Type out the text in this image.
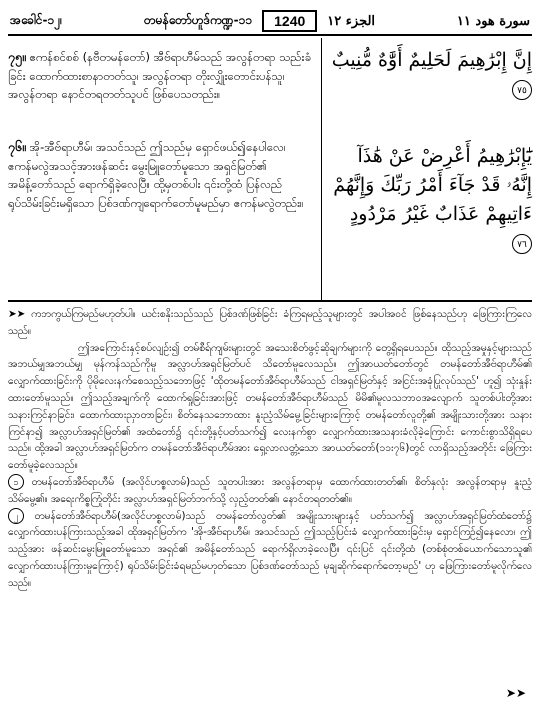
အခေါင်-၁၂၊	တမန်တော်ဟူဒ်ကဏ္ဍ-၁၁	1240	الجزء ١٢	سورة هود ١١

၇၅။ ဧကန်စင်စစ် (နဗီတမန်တော်) အီဗ်ရာဟီမ်သည် အလွန်တရာ သည်းခံခြင်း ထောက်ထားစာနာတတ်သူ၊ အလွန်တရာ တိုးလျှိုးတောင်းပန်သူ၊ အလွန်တရာ နောင်တရတတ်သူပင် ဖြစ်ပေသတည်း။

၇၆။ အို-အီဗ်ရာဟီမ်၊ အသင်သည် ဤသည်မှ ရှောင်ဖယ်၍နေပါလေ၊ ဧကန်မလွဲအသင့်အားဖန်ဆင်း မွေးမြူတော်မူသော အရှင်မြတ်၏ အမိန့်တော်သည် ရောက်ရှိခဲ့လေပြီ။ ထို့မှတစ်ပါး ၎င်းတို့ထံ ပြန်လည်ရုပ်သိမ်းခြင်းမရှိသော ပြစ်ဒဏ်ကျရောက်တော်မူမည်မှာ ဧကန်မလွဲတည်း။

إِنَّ إِبْرَٰهِيمَ لَحَلِيمٌ أَوَّٰهٌ مُّنِيبٌ ٧٥

يَٰٓإِبْرَٰهِيمُ أَعْرِضْ عَنْ هَٰذَآ إِنَّهُۥ قَدْ جَآءَ أَمْرُ رَبِّكَ وَإِنَّهُمْ ءَاتِيهِمْ عَذَابٌ غَيْرُ مَرْدُودٍ ٧٦

➤➤ ကဘကွယ်ကြမည်မဟုတ်ပါ။ ယင်းစနိုးသည်သည် ပြစ်ဒဏ်ဖြစ်ခြင်း ခံကြရမည့်သူများတွင် အပါအဝင် ဖြစ်နေသည်ဟု ဖြေကြားကြလေသည်။

ဤအကြောင်းနှင့်စပ်လျဉ်း၍ တမ်စီရ်ကျမ်းများတွင် အသေးစိတ်ဖွင့်ဆိုချက်များကို တွေ့ရှိရပေသည်။ ထိုသည့်အမှုနှင့်များသည် အဘယ်မျှအဘယ်မျှ မုန်ကန်သည်ကိုမူ အလ္လာဟ်အရှင်မြတ်ပင် သိတော်မူလေသည်။ ဤအာယတ်တော်တွင် တမန်တော်အီဗ်ရာဟီမ်၏ လျှောက်ထားခြင်းကို ပိုမိုလေးနက်စေသည့်သဘောဖြင့် 'ထိုတမန်တော်အီဗ်ရာဟီမ်သည် ငါအရှင်မြတ်နှင့် အငြင်းအခုံပြုလုပ်သည်' ဟူ၍ သုံးနှုန်းထားတော်မူသည်။ ဤသည့်အချက်ကို ထောက်ရှုခြင်းအားဖြင့် တမန်တော်အီဗ်ရာဟီမ်သည် မိမိ၏မူလသဘာဝအလျောက် သူတစ်ပါးတို့အား သနားကြင်နာခြင်း၊ ထောက်ထားညှာတာခြင်း၊ စိတ်နေသဘောထား နူးညံ့သိမ်မွေ့ခြင်းများကြောင့် တမန်တော်လူတို့၏ အမျိုးသားတို့အား သနားကြင်နာ၍ အလ္လာဟ်အရှင်မြတ်၏ အထံတော်၌ ၎င်းတို့နှင့်ပတ်သက်၍ လေးနက်စွာ လျှောက်ထားအသနားခံလိုခဲ့ကြောင်း ကောင်းစွာသိရှိရပေသည်။ ထို့အခါ အလ္လာဟ်အရှင်မြတ်က တမန်တော်အီဗ်ရာဟီမ်အား ရှေ့လာလတ္တံ့သော အာယတ်တော်(၁၁း၇၆)တွင် လာရှိသည့်အတိုင်း ဖြေကြားတော်မူခဲ့လေသည်။

၁ တမန်တော်အီဗ်ရာဟီမ် (အလိုင်ဟစ္စလာမ်)သည် သူတပါးအား အလွန်တရာမှ ထောက်ထားတတ်၏၊ စိတ်နှလုံး အလွန်တရာမှ နူးညံ့သိမ်မွေ့၏။ အရေးကိစ္စကြုံတိုင်း အလ္လာဟ်အရှင်မြတ်ဘက်သို့ လှည့်တတ်၏၊ နောင်တရတတ်၏။

၂ တမန်တော်အီဗ်ရာဟီမ်(အလိုင်ဟစ္စလာမ်)သည် တမန်တော်လွတ်၏ အမျိုးသားများနှင့် ပတ်သက်၍ အလ္လာဟ်အရှင်မြတ်ထံတော်၌ လျှောက်ထားပန်ကြားသည့်အခါ ထိုအရှင်မြတ်က 'အို-အီဗ်ရာဟီမ်၊ အသင်သည် ဤသည့်ပြင်းခံ လျှောက်ထားခြင်းမှ ရှောင်ကြဉ်၍နေလော၊ ဤသည့်အား ဖန်ဆင်းမွေးမြူတော်မူသော အရှင်၏ အမိန့်တော်သည် ရောက်ရှိလာခဲ့လေပြီ။ ၎င်းပြင် ၎င်းတို့ထံ (တစ်စုံတစ်ယောက်သောသူ၏ လျှောက်ထားပန်ကြားမှုကြောင့်) ရုပ်သိမ်းခြင်းခံရမည်မဟုတ်သော ပြစ်ဒဏ်တော်သည် မုချဆိုက်ရောက်တော့မည်' ဟု ဖြေကြားတော်မူလိုက်လေသည်။

➤➤
